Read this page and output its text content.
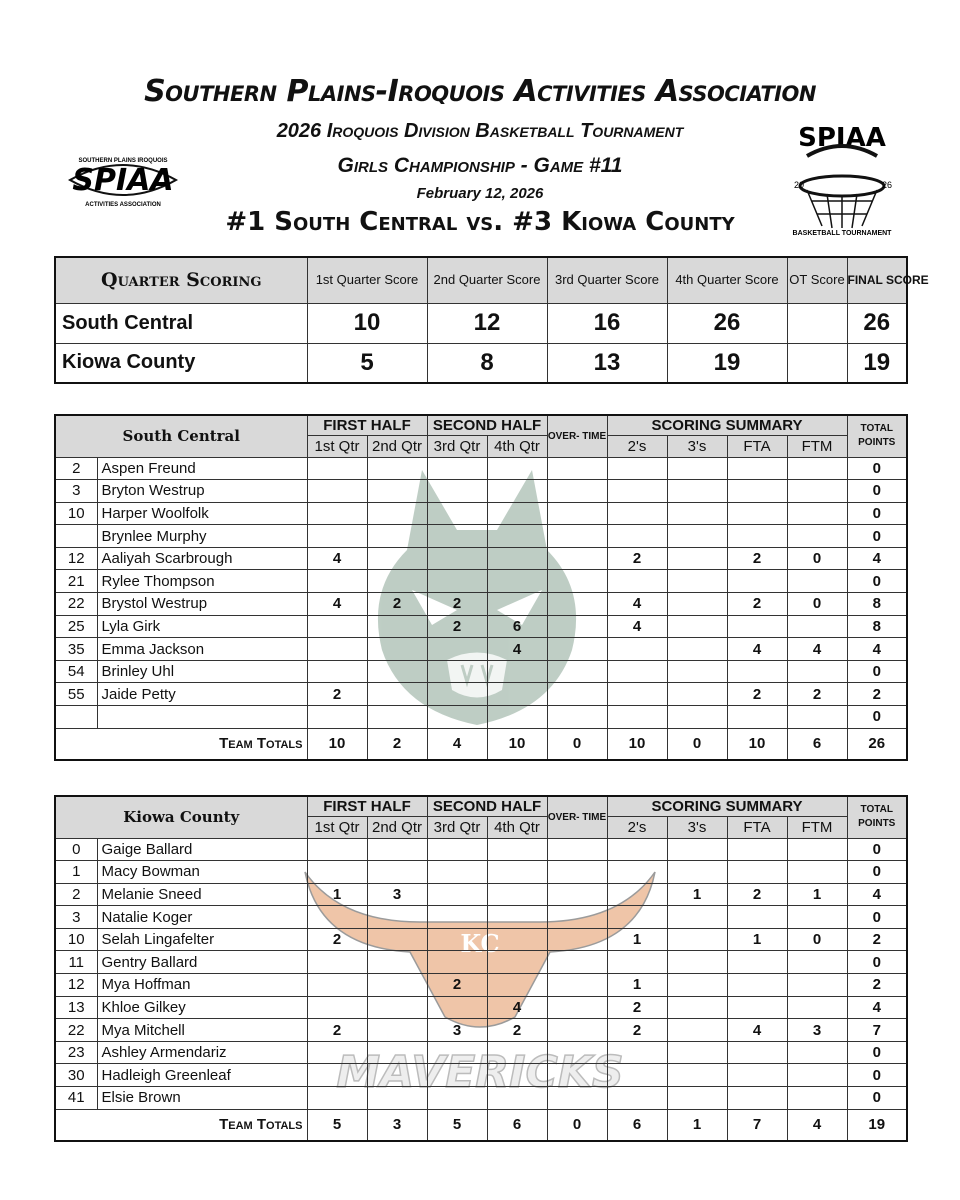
Southern Plains-Iroquois Activities Association
2026 Iroquois Division Basketball Tournament
Girls Championship - Game #11
February 12, 2026
#1 South Central vs. #3 Kiowa County
SOUTHERN PLAINS IROQUOIS
SPIAA
ACTIVITIES ASSOCIATION
SPIAA
20	26
BASKETBALL TOURNAMENT
Quarter Scoring	1st Quarter Score	2nd Quarter Score	3rd Quarter Score	4th Quarter Score	OT Score	FINAL SCORE
South Central	10	12	16	26		26
Kiowa County	5	8	13	19		19
South Central		FIRST HALF		SECOND HALF		OVER- TIME	SCORING SUMMARY				TOTAL POINTS
		1st Qtr	2nd Qtr	3rd Qtr	4th Qtr		2's	3's	FTA	FTM	
2	Aspen Freund										0
3	Bryton Westrup										0
10	Harper Woolfolk										0
	Brynlee Murphy										0
12	Aaliyah Scarbrough	4					2		2	0	4
21	Rylee Thompson										0
22	Brystol Westrup	4	2	2			4		2	0	8
25	Lyla Girk			2	6		4				8
35	Emma Jackson				4				4	4	4
54	Brinley Uhl										0
55	Jaide Petty	2							2	2	2
											0
Team Totals		10	2	4	10	0	10	0	10	6	26
KC
MAVERICKS
Kiowa County		FIRST HALF		SECOND HALF		OVER- TIME	SCORING SUMMARY				TOTAL POINTS
		1st Qtr	2nd Qtr	3rd Qtr	4th Qtr		2's	3's	FTA	FTM	
0	Gaige Ballard										0
1	Macy Bowman										0
2	Melanie Sneed	1	3					1	2	1	4
3	Natalie Koger										0
10	Selah Lingafelter	2					1		1	0	2
11	Gentry Ballard										0
12	Mya Hoffman			2			1				2
13	Khloe Gilkey				4		2				4
22	Mya Mitchell	2		3	2		2		4	3	7
23	Ashley Armendariz										0
30	Hadleigh Greenleaf										0
41	Elsie Brown										0
Team Totals		5	3	5	6	0	6	1	7	4	19
